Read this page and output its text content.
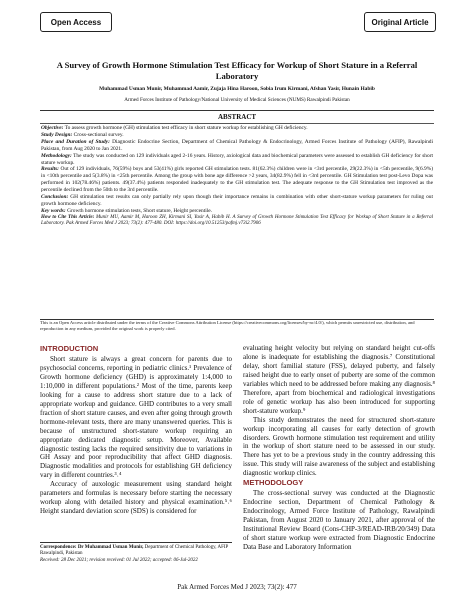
Open Access	Original Article
A Survey of Growth Hormone Stimulation Test Efficacy for Workup of Short Stature in a Referral Laboratory
Muhammad Usman Munir, Muhammad Aamir, Zujaja Hina Haroon, Sobia Irum Kirmani, Afshan Yasir, Hunain Habib
Armed Forces Institute of Pathology/National University of Medical Sciences (NUMS) Rawalpindi Pakistan
ABSTRACT

Objective: To assess growth hormone (GH) stimulation test efficacy in short stature workup for establishing GH deficiency.

Study Design: Cross-sectional survey.

Place and Duration of Study: Diagnostic Endocrine Section, Department of Chemical Pathology & Endocrinology, Armed Forces Institute of Pathology (AFIP), Rawalpindi Pakistan, from Aug 2020 to Jan 2021.

Methodology: The study was conducted on 129 individuals aged 2-16 years. History, axiological data and biochemical parameters were assessed to establish GH deficiency for short stature workup.

Results: Out of 129 individuals, 76(59%) boys and 53(41%) girls reported GH stimulation tests. 81(62.3%) children were in <3rd percentile, 29(22.3%) in <5th percentile, 9(6.9%) in <10th percentile and 5(3.8%) in <25th percentile. Among the group with bone age difference >2 years, 34(82.9%) fell in <3rd percentile. GH Stimulation test post-Levo Dopa was performed in 102(78.46%) patients. 49(37.4%) patients responded inadequately to the GH stimulation test. The adequate response to the GH Stimulation test improved as the percentile declined from the 50th to the 3rd percentile.

Conclusion: GH stimulation test results can only partially rely upon though their importance remains in combination with other short-stature workup parameters for ruling out growth hormone deficiency.

Key words: Growth hormone stimulation tests, Short stature, Height percentile.

How to Cite This Article: Munir MU, Aamir M, Haroon ZH, Kirmani SI, Yasir A, Habib H. A Survey of Growth Hormone Stimulation Test Efficacy for Workup of Short Stature in a Referral Laboratory. Pak Armed Forces Med J 2023; 73(2): 477-480. DOI: https://doi.org/10.51253/pafmj.v73i2.7906

This is an Open Access article distributed under the terms of the Creative Commons Attribution License (https://creativecommons.org/licenses/by-nc/4.0/), which permits unrestricted use, distribution, and reproduction in any medium, provided the original work is properly cited.
INTRODUCTION

Short stature is always a great concern for parents due to psychosocial concerns, reporting in pediatric clinics.¹ Prevalence of Growth hormone deficiency (GHD) is approximately 1:4,000 to 1:10,000 in different populations.² Most of the time, parents keep looking for a cause to address short stature due to a lack of appropriate workup and guidance. GHD contributes to a very small fraction of short stature causes, and even after going through growth hormone-relevant tests, there are many unanswered queries. This is because of unstructured short-stature workup requiring an appropriate dedicated diagnostic setup. Moreover, Available diagnostic testing lacks the required sensitivity due to variations in GH Assay and poor reproducibility that affect GHD diagnosis. Diagnostic modalities and protocols for establishing GH deficiency vary in different countries.³˒⁴

Accuracy of auxologic measurement using standard height parameters and formulas is necessary before starting the necessary workup along with detailed history and physical examination.⁵˒⁶ Height standard deviation score (SDS) is considered for

evaluating height velocity but relying on standard height cut-offs alone is inadequate for establishing the diagnosis.⁷ Constitutional delay, short familial stature (FSS), delayed puberty, and falsely raised height due to early onset of puberty are some of the common variables which need to be addressed before making any diagnosis.⁸ Therefore, apart from biochemical and radiological investigations role of genetic workup has also been introduced for supporting short-stature workup.⁹

This study demonstrates the need for structured short-stature workup incorporating all causes for early detection of growth disorders. Growth hormone stimulation test requirement and utility in the workup of short stature need to be assessed in our study. There has yet to be a previous study in the country addressing this issue. This study will raise awareness of the subject and establishing diagnostic workup clinics.

METHODOLOGY

The cross-sectional survey was conducted at the Diagnostic Endocrine section, Department of Chemical Pathology & Endocrinology, Armed Force Institute of Pathology, Rawalpindi Pakistan, from August 2020 to January 2021, after approval of the Institutional Review Board (Cons-CHP-3/READ-IRB/20/349) Data of short stature workup were extracted from Diagnostic Endocrine Data Base and Laboratory Information

Correspondence: Dr Muhammad Usman Munir, Department of Chemical Pathology, AFIP Rawalpindi, Pakistan

Received: 28 Dec 2021; revision received: 01 Jul 2022; accepted: 06-Jul-2022

Pak Armed Forces Med J 2023; 73(2): 477
